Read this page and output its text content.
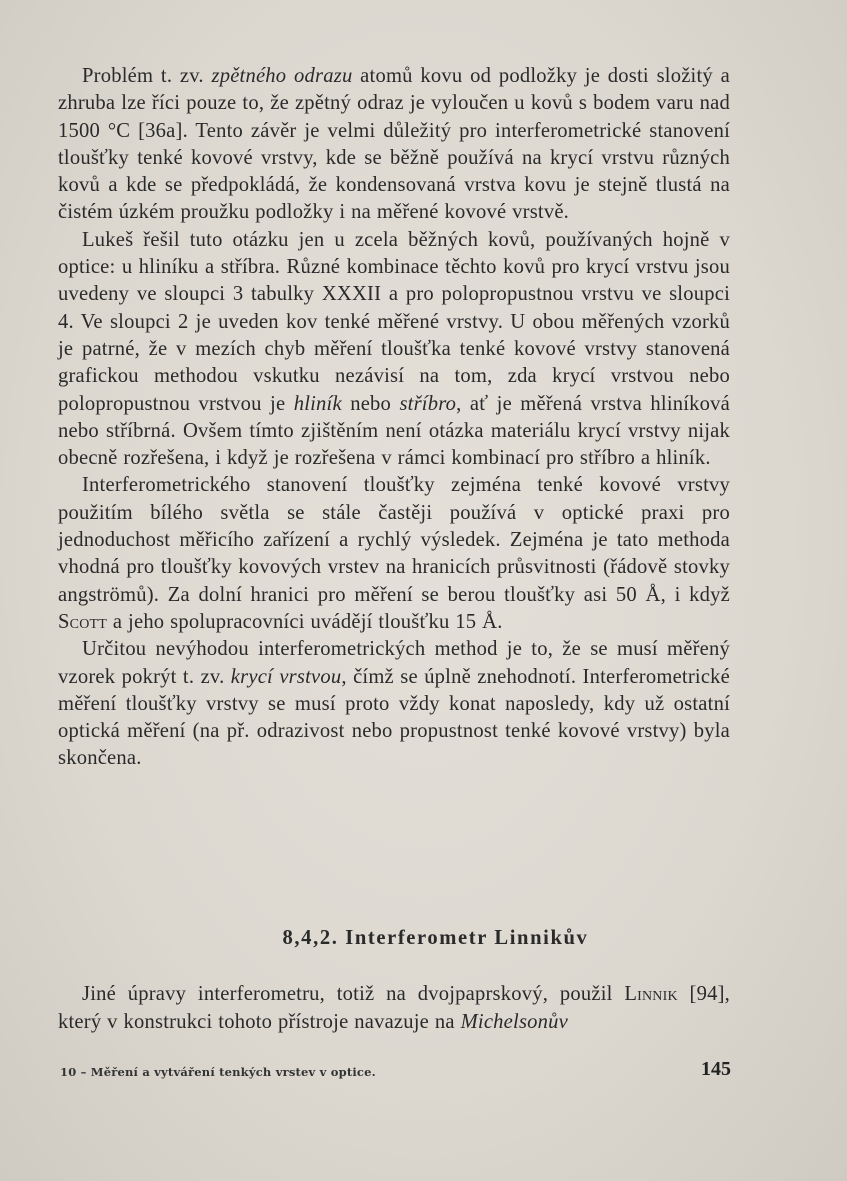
Problém t. zv. zpětného odrazu atomů kovu od podložky je dosti složitý a zhruba lze říci pouze to, že zpětný odraz je vyloučen u kovů s bodem varu nad 1500 °C [36a]. Tento závěr je velmi důležitý pro interferometrické stanovení tloušťky tenké kovové vrstvy, kde se běžně používá na krycí vrstvu různých kovů a kde se předpokládá, že kondensovaná vrstva kovu je stejně tlustá na čistém úzkém proužku podložky i na měřené kovové vrstvě.

Lukeš řešil tuto otázku jen u zcela běžných kovů, používaných hojně v optice: u hliníku a stříbra. Různé kombinace těchto kovů pro krycí vrstvu jsou uvedeny ve sloupci 3 tabulky XXXII a pro polopropustnou vrstvu ve sloupci 4. Ve sloupci 2 je uveden kov tenké měřené vrstvy. U obou měřených vzorků je patrné, že v mezích chyb měření tloušťka tenké kovové vrstvy stanovená grafickou methodou vskutku nezávisí na tom, zda krycí vrstvou nebo polopropustnou vrstvou je hliník nebo stříbro, ať je měřená vrstva hliníková nebo stříbrná. Ovšem tímto zjištěním není otázka materiálu krycí vrstvy nijak obecně rozřešena, i když je rozřešena v rámci kombinací pro stříbro a hliník.

Interferometrického stanovení tloušťky zejména tenké kovové vrstvy použitím bílého světla se stále častěji používá v optické praxi pro jednoduchost měřicího zařízení a rychlý výsledek. Zejména je tato methoda vhodná pro tloušťky kovových vrstev na hranicích průsvitnosti (řádově stovky angströmů). Za dolní hranici pro měření se berou tloušťky asi 50 Å, i když Scott a jeho spolupracovníci uvádějí tloušťku 15 Å.

Určitou nevýhodou interferometrických method je to, že se musí měřený vzorek pokrýt t. zv. krycí vrstvou, čímž se úplně znehodnotí. Interferometrické měření tloušťky vrstvy se musí proto vždy konat naposledy, kdy už ostatní optická měření (na př. odrazivost nebo propustnost tenké kovové vrstvy) byla skončena.

8,4,2. Interferometr Linnikův

Jiné úpravy interferometru, totiž na dvojpaprskový, použil Linnik [94], který v konstrukci tohoto přístroje navazuje na Michelsonův

10 – Měření a vytváření tenkých vrstev v optice.	145
